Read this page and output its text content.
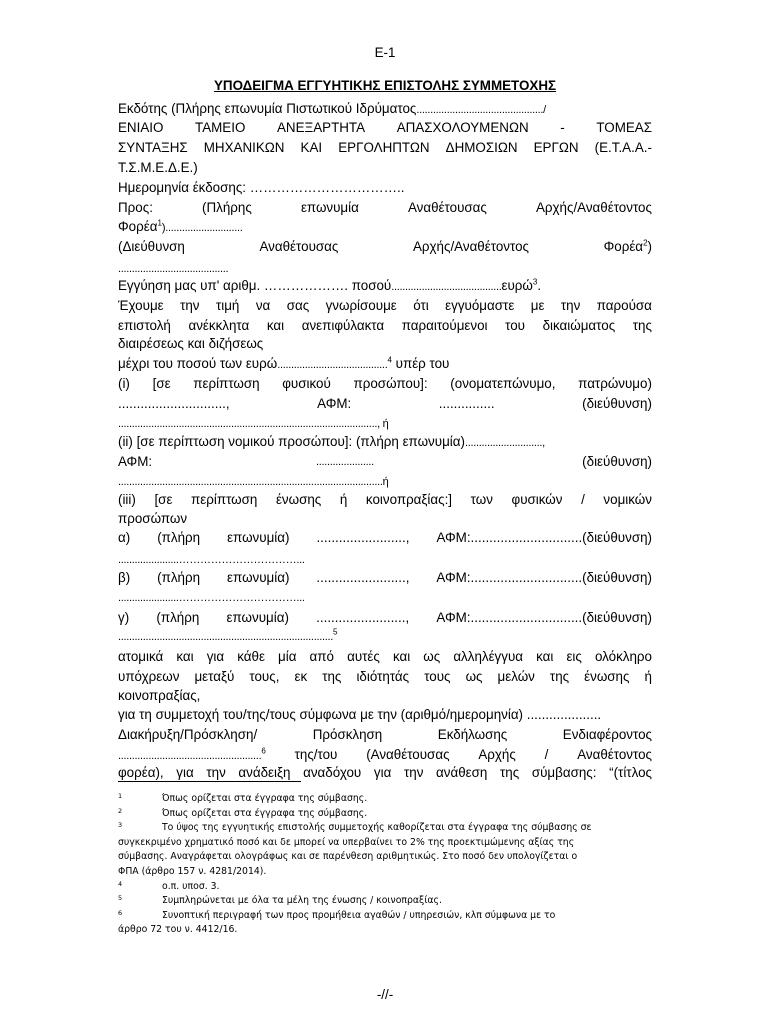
Ε-1
ΥΠΟΔΕΙΓΜΑ ΕΓΓΥΗΤΙΚΗΣ ΕΠΙΣΤΟΛΗΣ ΣΥΜΜΕΤΟΧΗΣ
Εκδότης (Πλήρης επωνυμία Πιστωτικού Ιδρύματος............................................../
ΕΝΙΑΙΟ ΤΑΜΕΙΟ ΑΝΕΞΑΡΤΗΤΑ ΑΠΑΣΧΟΛΟΥΜΕΝΩΝ - ΤΟΜΕΑΣ
ΣΥΝΤΑΞΗΣ ΜΗΧΑΝΙΚΩΝ ΚΑΙ ΕΡΓΟΛΗΠΤΩΝ ΔΗΜΟΣΙΩΝ ΕΡΓΩΝ (Ε.Τ.Α.Α.-
Τ.Σ.Μ.Ε.Δ.Ε.)
Ημερομηνία έκδοσης: ……………………………..
Προς:	(Πλήρης	επωνυμία	Αναθέτουσας	Αρχής/Αναθέτοντος
Φορέα$^1$)............................
(Διεύθυνση	Αναθέτουσας	Αρχής/Αναθέτοντος	Φορέα$^2$)
........................................
Εγγύηση μας υπ' αριθμ. ………………. ποσού........................................ευρώ$^3$.
Έχουμε την τιμή να σας γνωρίσουμε ότι εγγυόμαστε με την παρούσα
επιστολή ανέκκλητα και ανεπιφύλακτα παραιτούμενοι του δικαιώματος της
διαιρέσεως και διζήσεως
μέχρι του ποσού των ευρώ........................................$^4$ υπέρ του
(i) [σε περίπτωση φυσικού προσώπου]: (ονοματεπώνυμο, πατρώνυμο)
.............................,	ΑΦΜ:	...............	(διεύθυνση)
.............................................................................................., ή
(ii) [σε περίπτωση νομικού προσώπου]: (πλήρη επωνυμία)............................,
ΑΦΜ:	.....................	(διεύθυνση)
................................................................................................ή
(iii) [σε περίπτωση ένωσης ή κοινοπραξίας:] των φυσικών / νομικών
προσώπων
α) (πλήρη επωνυμία) ........................, ΑΦΜ:..............................(διεύθυνση)
......................……………………………...
β) (πλήρη επωνυμία) ........................, ΑΦΜ:..............................(διεύθυνση)
......................……………………………...
γ) (πλήρη επωνυμία) ........................, ΑΦΜ:..............................(διεύθυνση)
..............................................................................$^5$
ατομικά και για κάθε μία από αυτές και ως αλληλέγγυα και εις ολόκληρο
υπόχρεων μεταξύ τους, εκ της ιδιότητάς τους ως μελών της ένωσης ή
κοινοπραξίας,
για τη συμμετοχή του/της/τους σύμφωνα με την (αριθμό/ημερομηνία) ....................
Διακήρυξη/Πρόσκληση/	Πρόσκληση	Εκδήλωσης	Ενδιαφέροντος
....................................................$^6$ της/του (Αναθέτουσας Αρχής / Αναθέτοντος
φορέα), για την ανάδειξη αναδόχου για την ανάθεση της σύμβασης: “(τίτλος
1	Όπως ορίζεται στα έγγραφα της σύμβασης.
2	Όπως ορίζεται στα έγγραφα της σύμβασης.
3	Το ύψος της εγγυητικής επιστολής συμμετοχής καθορίζεται στα έγγραφα της σύμβασης σε
συγκεκριμένο χρηματικό ποσό και δε μπορεί να υπερβαίνει το 2% της προεκτιμώμενης αξίας της
σύμβασης. Αναγράφεται ολογράφως και σε παρένθεση αριθμητικώς. Στο ποσό δεν υπολογίζεται ο
ΦΠΑ (άρθρο 157 ν. 4281/2014).
4	ο.π. υποσ. 3.
5	Συμπληρώνεται με όλα τα μέλη της ένωσης / κοινοπραξίας.
6	Συνοπτική περιγραφή των προς προμήθεια αγαθών / υπηρεσιών, κλπ σύμφωνα με το
άρθρο 72 του ν. 4412/16.
-//-
